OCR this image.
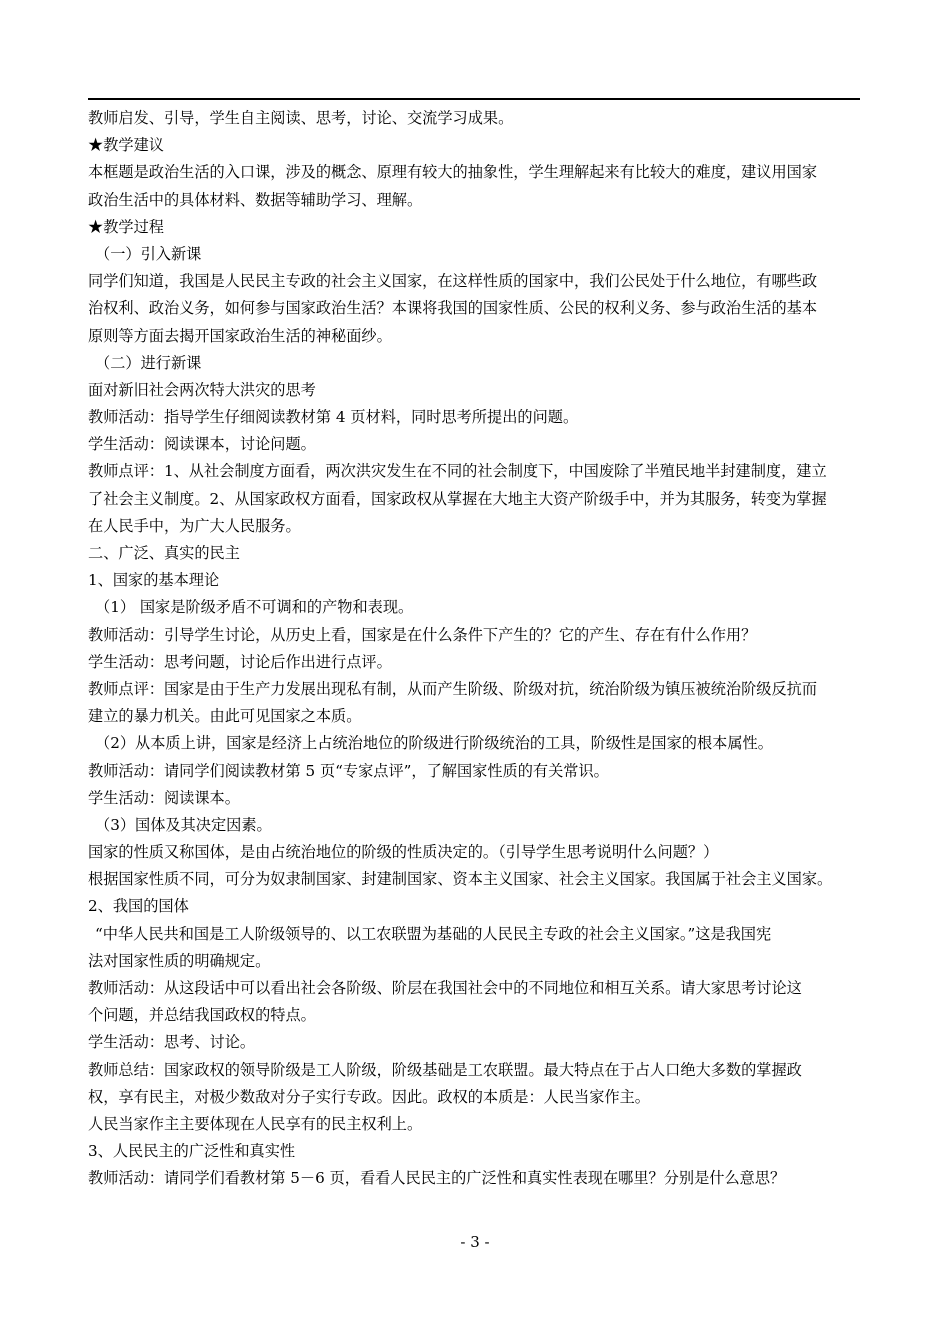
教师启发、引导，学生自主阅读、思考，讨论、交流学习成果。
★教学建议
本框题是政治生活的入口课，涉及的概念、原理有较大的抽象性，学生理解起来有比较大的难度，建议用国家
政治生活中的具体材料、数据等辅助学习、理解。
★教学过程
（一）引入新课
同学们知道，我国是人民民主专政的社会主义国家，在这样性质的国家中，我们公民处于什么地位，有哪些政
治权利、政治义务，如何参与国家政治生活？本课将我国的国家性质、公民的权利义务、参与政治生活的基本
原则等方面去揭开国家政治生活的神秘面纱。
（二）进行新课
面对新旧社会两次特大洪灾的思考
教师活动：指导学生仔细阅读教材第 4 页材料，同时思考所提出的问题。
学生活动：阅读课本，讨论问题。
教师点评：1、从社会制度方面看，两次洪灾发生在不同的社会制度下，中国废除了半殖民地半封建制度，建立
了社会主义制度。2、从国家政权方面看，国家政权从掌握在大地主大资产阶级手中，并为其服务，转变为掌握
在人民手中，为广大人民服务。
二、广泛、真实的民主
1、国家的基本理论
（1） 国家是阶级矛盾不可调和的产物和表现。
教师活动：引导学生讨论，从历史上看，国家是在什么条件下产生的？它的产生、存在有什么作用？
学生活动：思考问题，讨论后作出进行点评。
教师点评：国家是由于生产力发展出现私有制，从而产生阶级、阶级对抗，统治阶级为镇压被统治阶级反抗而
建立的暴力机关。由此可见国家之本质。
（2）从本质上讲，国家是经济上占统治地位的阶级进行阶级统治的工具，阶级性是国家的根本属性。
教师活动：请同学们阅读教材第 5 页“专家点评”，了解国家性质的有关常识。
学生活动：阅读课本。
（3）国体及其决定因素。
国家的性质又称国体，是由占统治地位的阶级的性质决定的。（引导学生思考说明什么问题？）
根据国家性质不同，可分为奴隶制国家、封建制国家、资本主义国家、社会主义国家。我国属于社会主义国家。
2、我国的国体
“中华人民共和国是工人阶级领导的、以工农联盟为基础的人民民主专政的社会主义国家。”这是我国宪
法对国家性质的明确规定。
教师活动：从这段话中可以看出社会各阶级、阶层在我国社会中的不同地位和相互关系。请大家思考讨论这
个问题，并总结我国政权的特点。
学生活动：思考、讨论。
教师总结：国家政权的领导阶级是工人阶级，阶级基础是工农联盟。最大特点在于占人口绝大多数的掌握政
权，享有民主，对极少数敌对分子实行专政。因此。政权的本质是：人民当家作主。
人民当家作主主要体现在人民享有的民主权利上。
3、人民民主的广泛性和真实性
教师活动：请同学们看教材第 5－6 页，看看人民民主的广泛性和真实性表现在哪里？分别是什么意思？
- 3 -
